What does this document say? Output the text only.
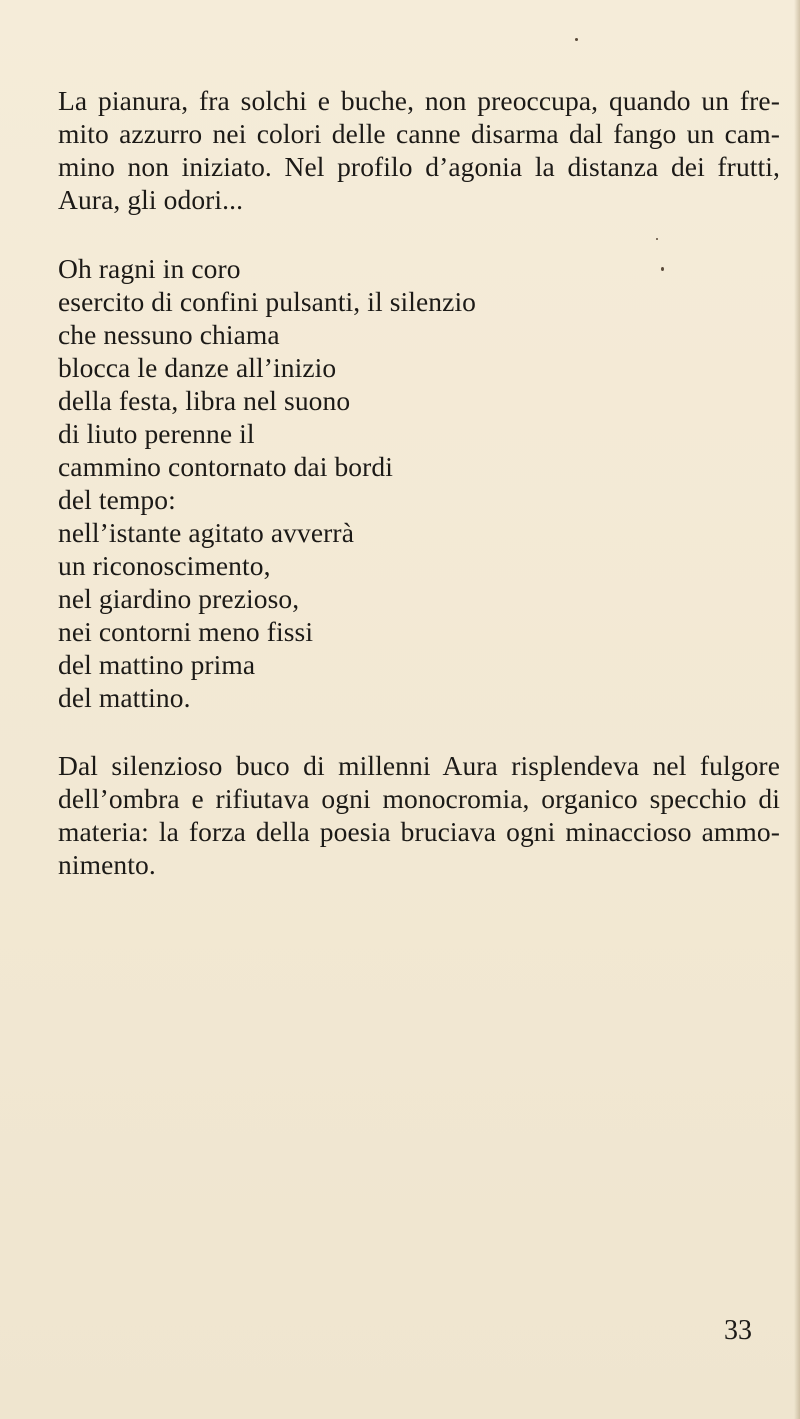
La pianura, fra solchi e buche, non preoccupa, quando un fre-
mito azzurro nei colori delle canne disarma dal fango un cam-
mino non iniziato. Nel profilo d’agonia la distanza dei frutti,
Aura, gli odori...
Oh ragni in coro
esercito di confini pulsanti, il silenzio
che nessuno chiama
blocca le danze all’inizio
della festa, libra nel suono
di liuto perenne il
cammino contornato dai bordi
del tempo:
nell’istante agitato avverrà
un riconoscimento,
nel giardino prezioso,
nei contorni meno fissi
del mattino prima
del mattino.
Dal silenzioso buco di millenni Aura risplendeva nel fulgore
dell’ombra e rifiutava ogni monocromia, organico specchio di
materia: la forza della poesia bruciava ogni minaccioso ammo-
nimento.
33
